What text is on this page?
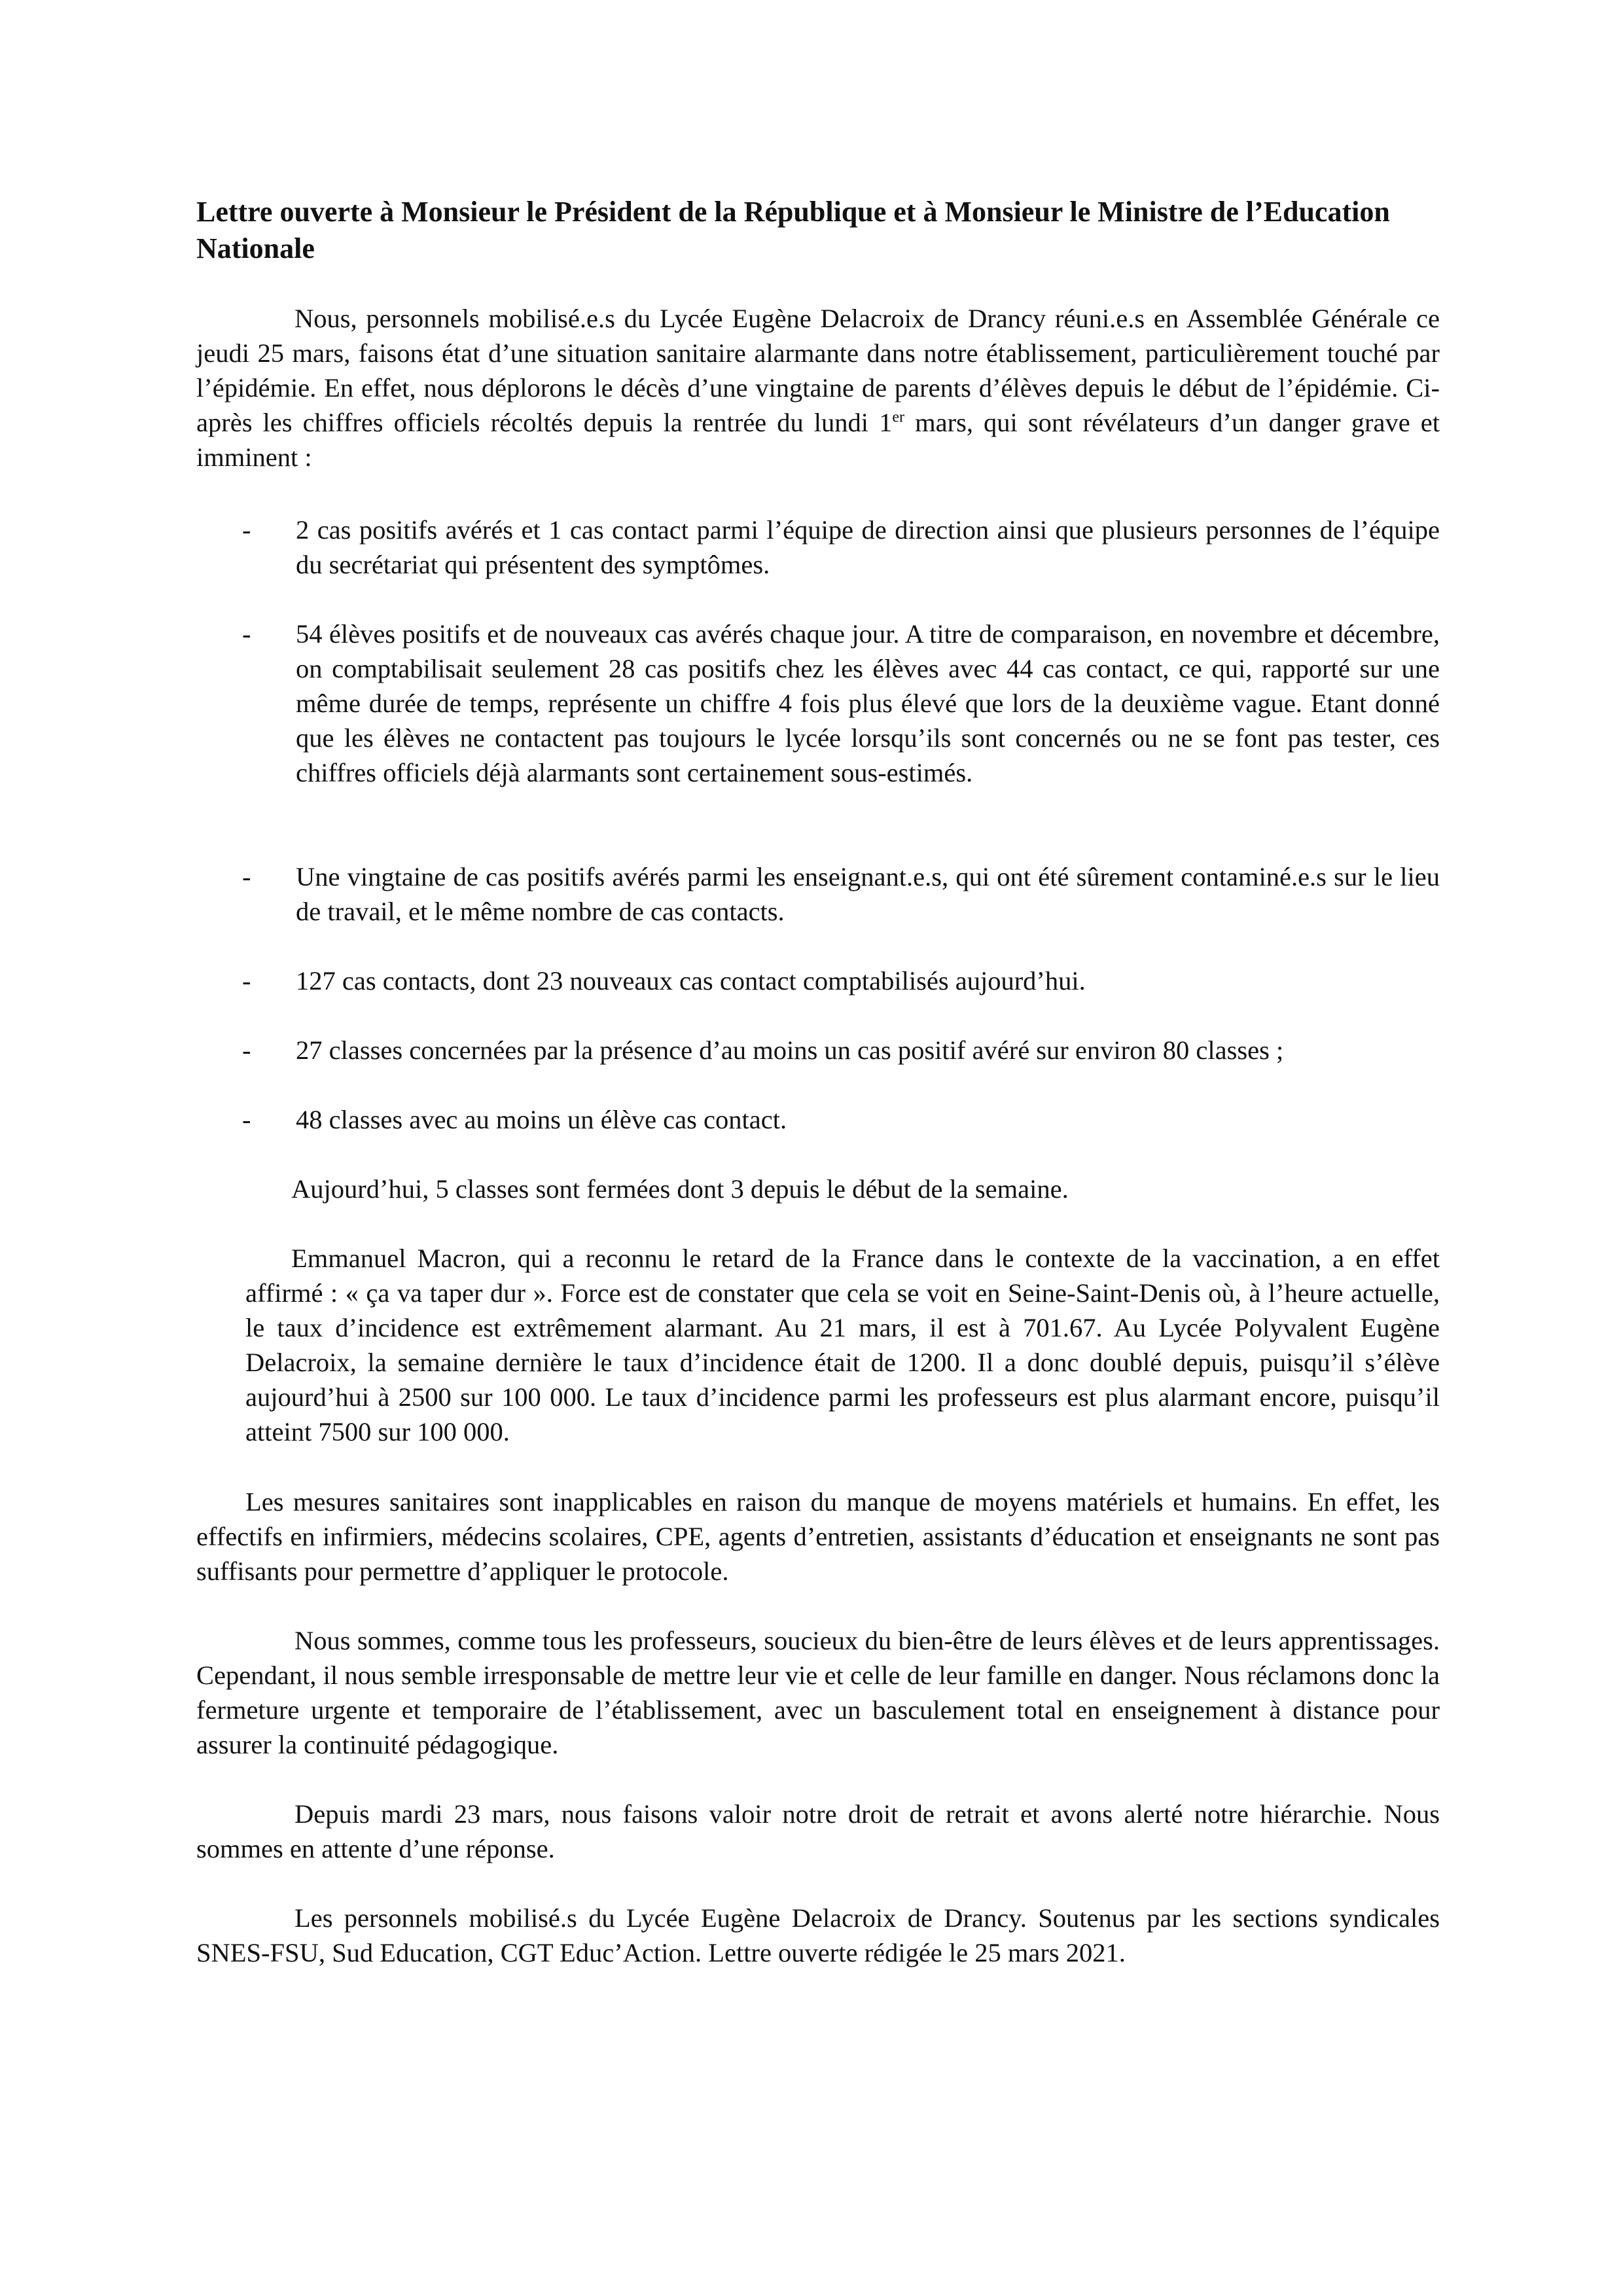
Lettre ouverte à Monsieur le Président de la République et à Monsieur le Ministre de l’Education Nationale

Nous, personnels mobilisé.e.s du Lycée Eugène Delacroix de Drancy réuni.e.s en Assemblée Générale ce jeudi 25 mars, faisons état d’une situation sanitaire alarmante dans notre établissement, particulièrement touché par l’épidémie. En effet, nous déplorons le décès d’une vingtaine de parents d’élèves depuis le début de l’épidémie. Ci-après les chiffres officiels récoltés depuis la rentrée du lundi 1er mars, qui sont révélateurs d’un danger grave et imminent :

-	2 cas positifs avérés et 1 cas contact parmi l’équipe de direction ainsi que plusieurs personnes de l’équipe du secrétariat qui présentent des symptômes.
-	54 élèves positifs et de nouveaux cas avérés chaque jour. A titre de comparaison, en novembre et décembre, on comptabilisait seulement 28 cas positifs chez les élèves avec 44 cas contact, ce qui, rapporté sur une même durée de temps, représente un chiffre 4 fois plus élevé que lors de la deuxième vague. Etant donné que les élèves ne contactent pas toujours le lycée lorsqu’ils sont concernés ou ne se font pas tester, ces chiffres officiels déjà alarmants sont certainement sous-estimés.
-	Une vingtaine de cas positifs avérés parmi les enseignant.e.s, qui ont été sûrement contaminé.e.s sur le lieu de travail, et le même nombre de cas contacts.
-	127 cas contacts, dont 23 nouveaux cas contact comptabilisés aujourd’hui.
-	27 classes concernées par la présence d’au moins un cas positif avéré sur environ 80 classes ;
-	48 classes avec au moins un élève cas contact.

Aujourd’hui, 5 classes sont fermées dont 3 depuis le début de la semaine.

Emmanuel Macron, qui a reconnu le retard de la France dans le contexte de la vaccination, a en effet affirmé : « ça va taper dur ». Force est de constater que cela se voit en Seine-Saint-Denis où, à l’heure actuelle, le taux d’incidence est extrêmement alarmant. Au 21 mars, il est à 701.67. Au Lycée Polyvalent Eugène Delacroix, la semaine dernière le taux d’incidence était de 1200. Il a donc doublé depuis, puisqu’il s’élève aujourd’hui à 2500 sur 100 000. Le taux d’incidence parmi les professeurs est plus alarmant encore, puisqu’il atteint 7500 sur 100 000.

Les mesures sanitaires sont inapplicables en raison du manque de moyens matériels et humains. En effet, les effectifs en infirmiers, médecins scolaires, CPE, agents d’entretien, assistants d’éducation et enseignants ne sont pas suffisants pour permettre d’appliquer le protocole.

Nous sommes, comme tous les professeurs, soucieux du bien-être de leurs élèves et de leurs apprentissages. Cependant, il nous semble irresponsable de mettre leur vie et celle de leur famille en danger. Nous réclamons donc la fermeture urgente et temporaire de l’établissement, avec un basculement total en enseignement à distance pour assurer la continuité pédagogique.

Depuis mardi 23 mars, nous faisons valoir notre droit de retrait et avons alerté notre hiérarchie. Nous sommes en attente d’une réponse.

Les personnels mobilisé.s du Lycée Eugène Delacroix de Drancy. Soutenus par les sections syndicales SNES-FSU, Sud Education, CGT Educ’Action. Lettre ouverte rédigée le 25 mars 2021.
